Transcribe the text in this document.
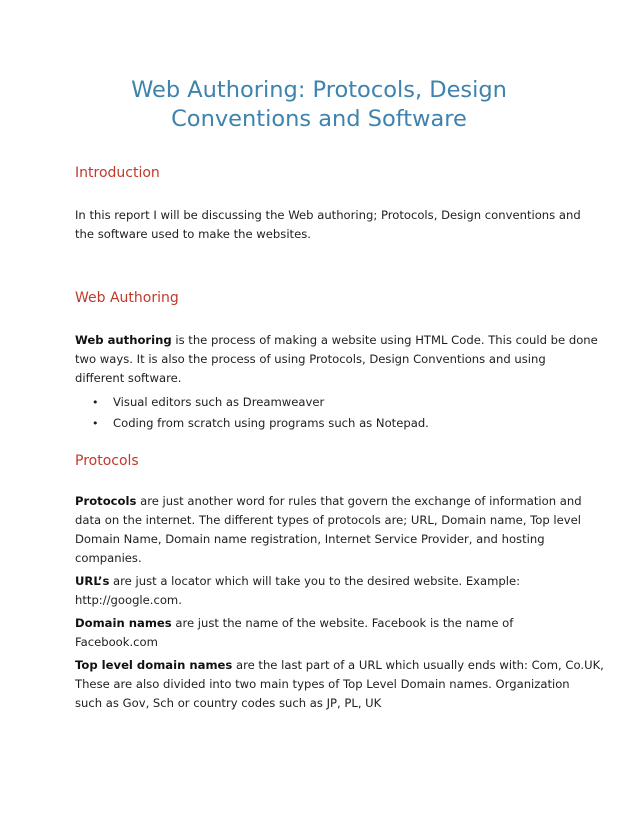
Web Authoring: Protocols, Design
Conventions and Software
Introduction

In this report I will be discussing the Web authoring; Protocols, Design conventions and
the software used to make the websites.

Web Authoring

Web authoring is the process of making a website using HTML Code. This could be done
two ways. It is also the process of using Protocols, Design Conventions and using
different software.

• Visual editors such as Dreamweaver
• Coding from scratch using programs such as Notepad.
Protocols

Protocols are just another word for rules that govern the exchange of information and
data on the internet. The different types of protocols are; URL, Domain name, Top level
Domain Name, Domain name registration, Internet Service Provider, and hosting
companies.

URL’s are just a locator which will take you to the desired website. Example:
http://google.com.

Domain names are just the name of the website. Facebook is the name of
Facebook.com

Top level domain names are the last part of a URL which usually ends with: Com, Co.UK,
These are also divided into two main types of Top Level Domain names. Organization
such as Gov, Sch or country codes such as JP, PL, UK
